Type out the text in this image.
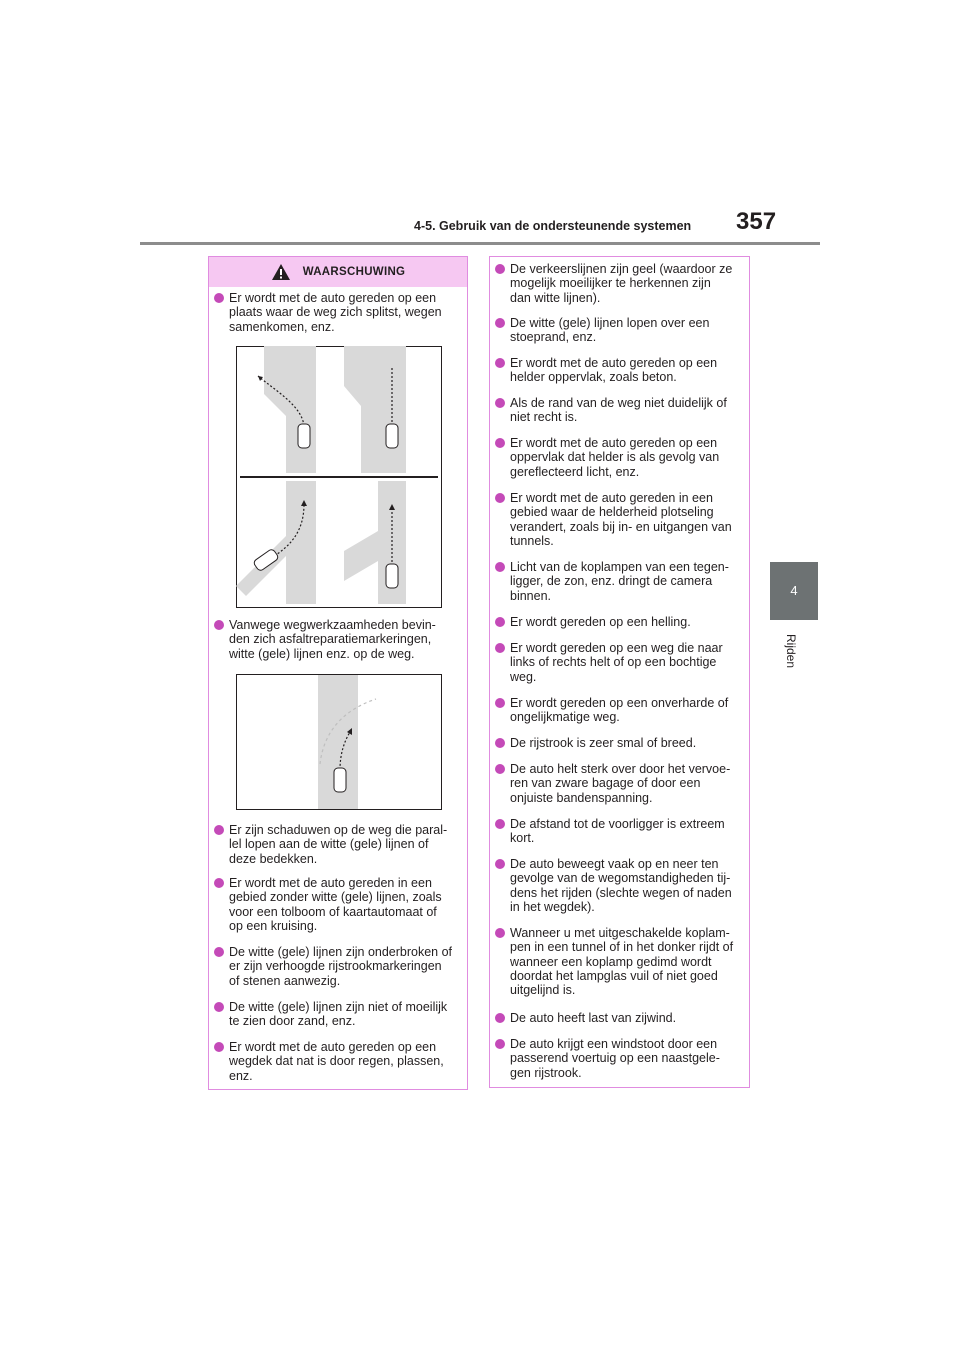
4-5. Gebruik van de ondersteunende systemen 357
4
Rijden
WAARSCHUWING
Er wordt met de auto gereden op een
plaats waar de weg zich splitst, wegen
samenkomen, enz.
Vanwege wegwerkzaamheden bevin-
den zich asfaltreparatiemarkeringen,
witte (gele) lijnen enz. op de weg.
Er zijn schaduwen op de weg die paral-
lel lopen aan de witte (gele) lijnen of
deze bedekken.
Er wordt met de auto gereden in een
gebied zonder witte (gele) lijnen, zoals
voor een tolboom of kaartautomaat of
op een kruising.
De witte (gele) lijnen zijn onderbroken of
er zijn verhoogde rijstrookmarkeringen
of stenen aanwezig.
De witte (gele) lijnen zijn niet of moeilijk
te zien door zand, enz.
Er wordt met de auto gereden op een
wegdek dat nat is door regen, plassen,
enz.
De verkeerslijnen zijn geel (waardoor ze
mogelijk moeilijker te herkennen zijn
dan witte lijnen).
De witte (gele) lijnen lopen over een
stoeprand, enz.
Er wordt met de auto gereden op een
helder oppervlak, zoals beton.
Als de rand van de weg niet duidelijk of
niet recht is.
Er wordt met de auto gereden op een
oppervlak dat helder is als gevolg van
gereflecteerd licht, enz.
Er wordt met de auto gereden in een
gebied waar de helderheid plotseling
verandert, zoals bij in- en uitgangen van
tunnels.
Licht van de koplampen van een tegen-
ligger, de zon, enz. dringt de camera
binnen.
Er wordt gereden op een helling.
Er wordt gereden op een weg die naar
links of rechts helt of op een bochtige
weg.
Er wordt gereden op een onverharde of
ongelijkmatige weg.
De rijstrook is zeer smal of breed.
De auto helt sterk over door het vervoe-
ren van zware bagage of door een
onjuiste bandenspanning.
De afstand tot de voorligger is extreem
kort.
De auto beweegt vaak op en neer ten
gevolge van de wegomstandigheden tij-
dens het rijden (slechte wegen of naden
in het wegdek).
Wanneer u met uitgeschakelde koplam-
pen in een tunnel of in het donker rijdt of
wanneer een koplamp gedimd wordt
doordat het lampglas vuil of niet goed
uitgelijnd is.
De auto heeft last van zijwind.
De auto krijgt een windstoot door een
passerend voertuig op een naastgele-
gen rijstrook.
